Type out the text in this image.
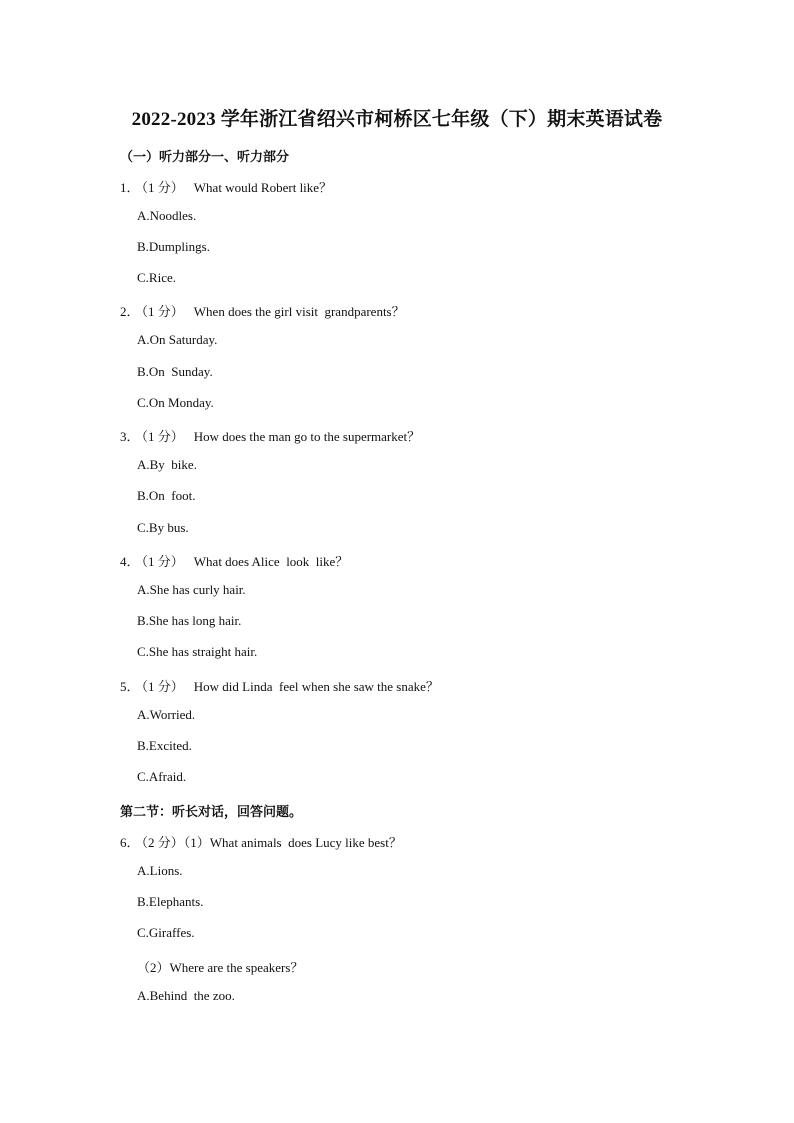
2022-2023 学年浙江省绍兴市柯桥区七年级（下）期末英语试卷
（一）听力部分一、听力部分
1． （1 分） What would Robert like？
A.Noodles.
B.Dumplings.
C.Rice.
2． （1 分） When does the girl visit  grandparents？
A.On Saturday.
B.On  Sunday.
C.On Monday.
3． （1 分） How does the man go to the supermarket？
A.By  bike.
B.On  foot.
C.By bus.
4． （1 分） What does Alice  look  like？
A.She has curly hair.
B.She has long hair.
C.She has straight hair.
5． （1 分） How did Linda  feel when she saw the snake？
A.Worried.
B.Excited.
C.Afraid.
第二节：听长对话，回答问题。
6． （2 分）（1）What animals  does Lucy like best？
A.Lions.
B.Elephants.
C.Giraffes.
（2）Where are the speakers？
A.Behind  the zoo.
